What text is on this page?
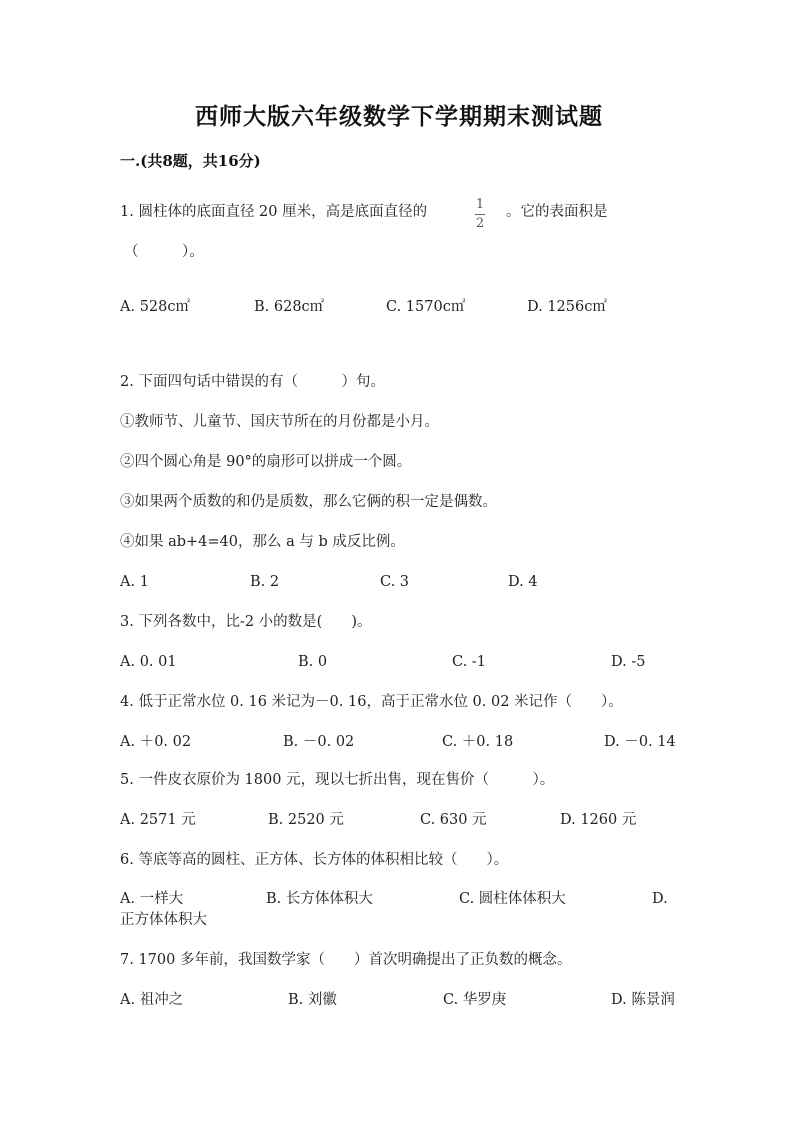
西师大版六年级数学下学期期末测试题
一.(共8题，共16分)
1. 圆柱体的底面直径 20 厘米，高是底面直径的	1
2
。它的表面积是
（　　　）。
A. 528c㎡	B. 628c㎡	C. 1570c㎡	D. 1256c㎡
2. 下面四句话中错误的有（　　　）句。
①教师节、儿童节、国庆节所在的月份都是小月。
②四个圆心角是 90°的扇形可以拼成一个圆。
③如果两个质数的和仍是质数，那么它俩的积一定是偶数。
④如果 ab+4=40，那么 a 与 b 成反比例。
A. 1	B. 2	C. 3	D. 4
3. 下列各数中，比-2 小的数是(　　)。
A. 0. 01	B. 0	C. -1	D. -5
4. 低于正常水位 0. 16 米记为－0. 16，高于正常水位 0. 02 米记作（　　）。
A. ＋0. 02	B. －0. 02	C. ＋0. 18	D. －0. 14
5. 一件皮衣原价为 1800 元，现以七折出售，现在售价（　　　）。
A. 2571 元	B. 2520 元	C. 630 元	D. 1260 元
6. 等底等高的圆柱、正方体、长方体的体积相比较（　　）。
A. 一样大	B. 长方体体积大	C. 圆柱体体积大	D.
正方体体积大
7. 1700 多年前，我国数学家（　　）首次明确提出了正负数的概念。
A. 祖冲之	B. 刘徽	C. 华罗庚	D. 陈景润
